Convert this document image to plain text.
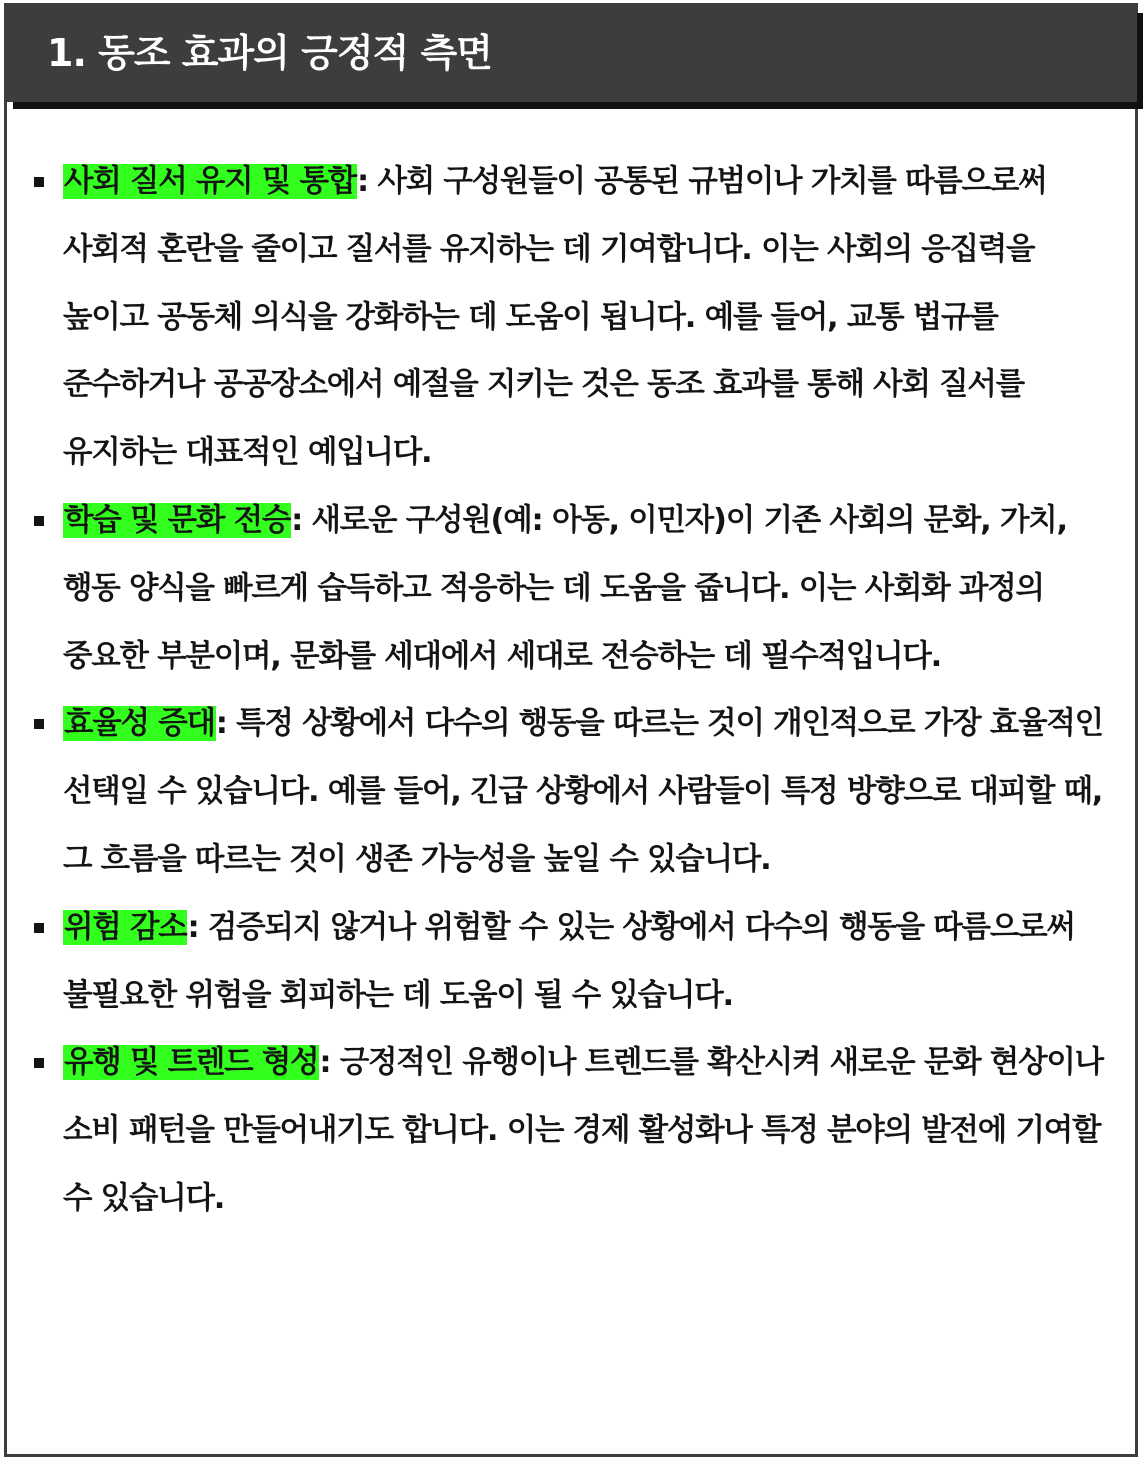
1. 동조 효과의 긍정적 측면
사회 질서 유지 및 통합: 사회 구성원들이 공통된 규범이나 가치를 따름으로써 사회적 혼란을 줄이고 질서를 유지하는 데 기여합니다. 이는 사회의 응집력을 높이고 공동체 의식을 강화하는 데 도움이 됩니다. 예를 들어, 교통 법규를 준수하거나 공공장소에서 예절을 지키는 것은 동조 효과를 통해 사회 질서를 유지하는 대표적인 예입니다.
학습 및 문화 전승: 새로운 구성원(예: 아동, 이민자)이 기존 사회의 문화, 가치, 행동 양식을 빠르게 습득하고 적응하는 데 도움을 줍니다. 이는 사회화 과정의 중요한 부분이며, 문화를 세대에서 세대로 전승하는 데 필수적입니다.
효율성 증대: 특정 상황에서 다수의 행동을 따르는 것이 개인적으로 가장 효율적인 선택일 수 있습니다. 예를 들어, 긴급 상황에서 사람들이 특정 방향으로 대피할 때, 그 흐름을 따르는 것이 생존 가능성을 높일 수 있습니다.
위험 감소: 검증되지 않거나 위험할 수 있는 상황에서 다수의 행동을 따름으로써 불필요한 위험을 회피하는 데 도움이 될 수 있습니다.
유행 및 트렌드 형성: 긍정적인 유행이나 트렌드를 확산시켜 새로운 문화 현상이나 소비 패턴을 만들어내기도 합니다. 이는 경제 활성화나 특정 분야의 발전에 기여할 수 있습니다.
